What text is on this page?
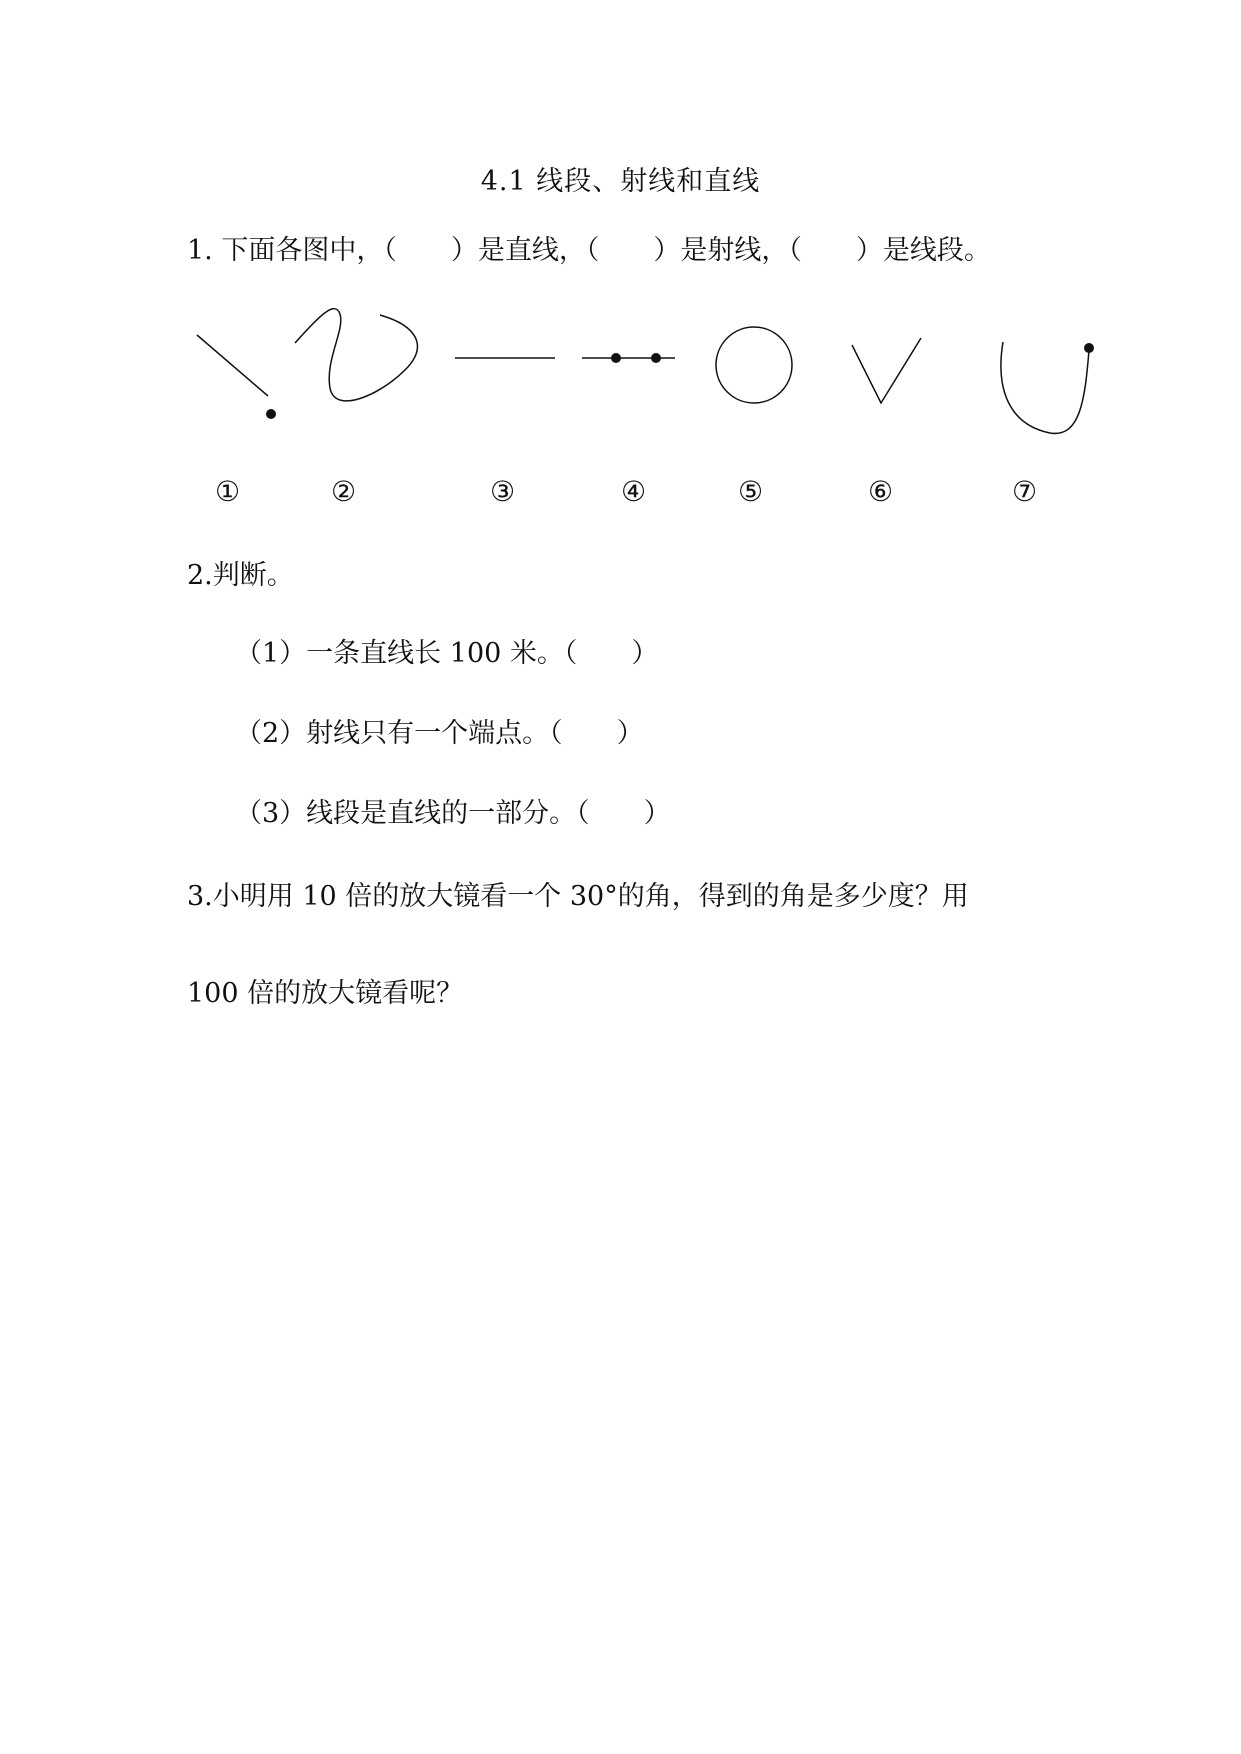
4.1 线段、射线和直线
1. 下面各图中，（　　）是直线，（　　）是射线，（　　）是线段。
①	②	③	④	⑤	⑥	⑦
2.判断。
（1）一条直线长 100 米。（　　）
（2）射线只有一个端点。（　　）
（3）线段是直线的一部分。（　　）
3.小明用 10 倍的放大镜看一个 30°的角，得到的角是多少度？用
100 倍的放大镜看呢？
